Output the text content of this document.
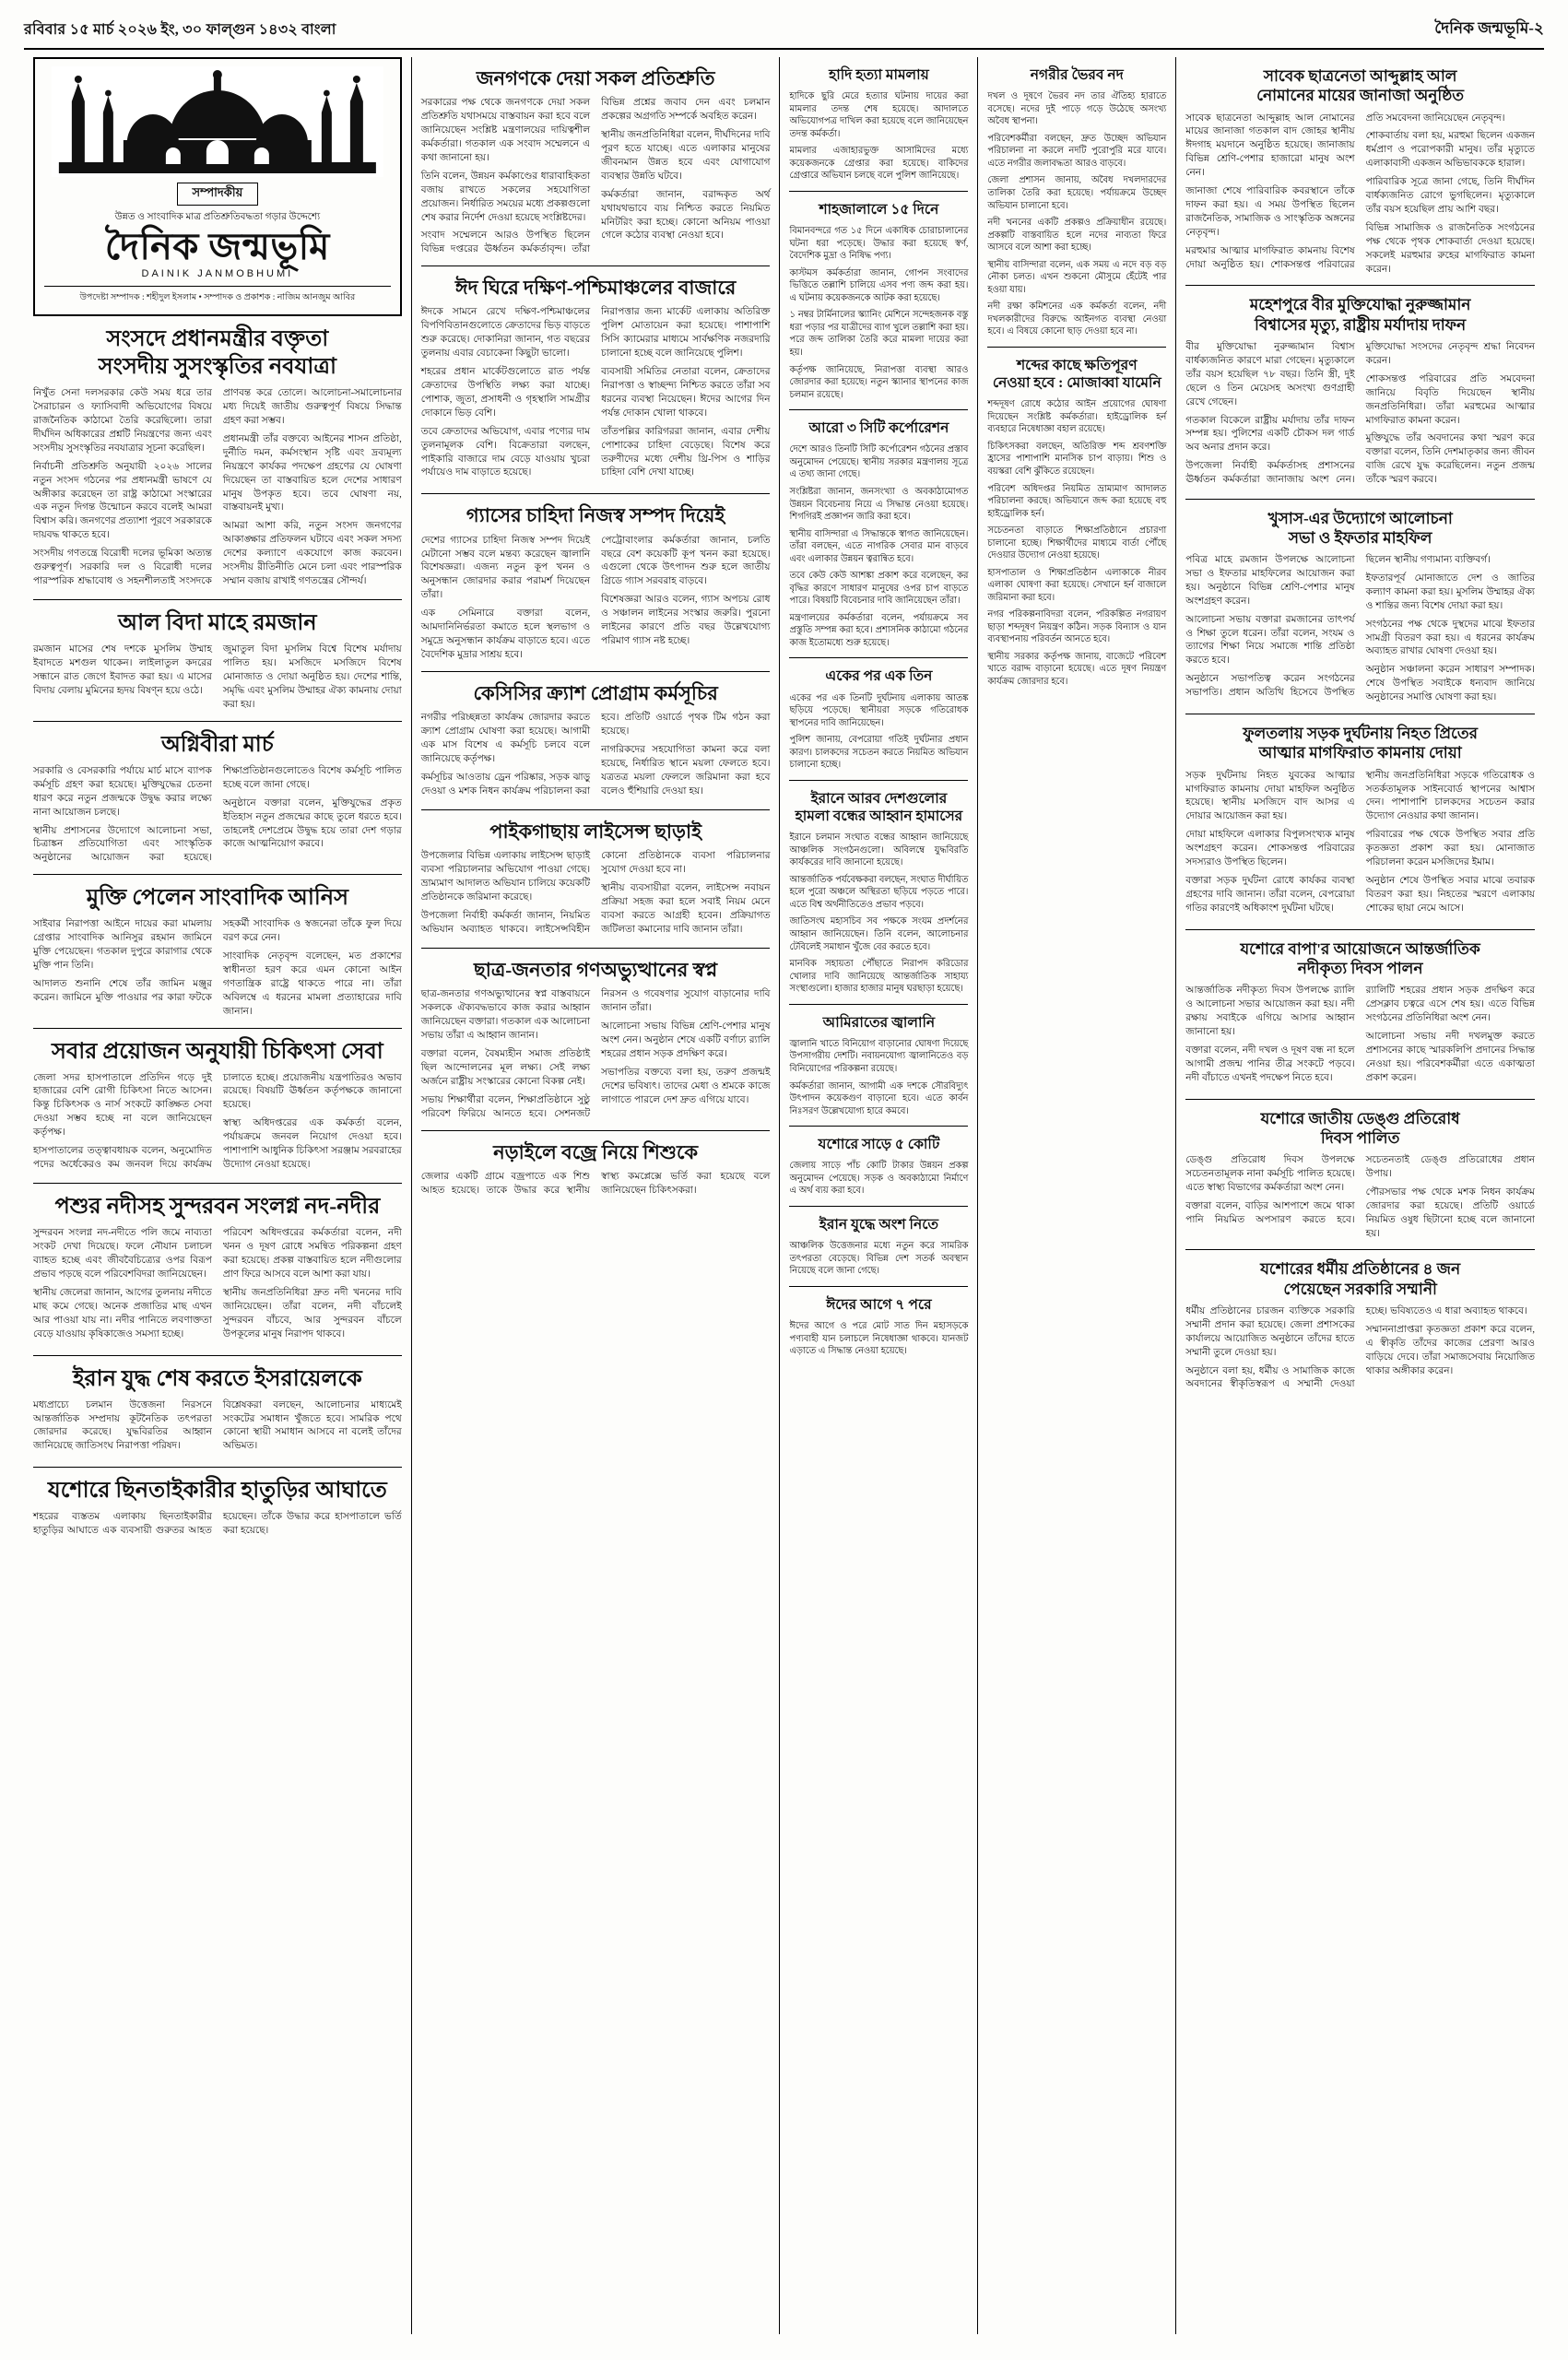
রবিবার ১৫ মার্চ ২০২৬ ইং, ৩০ ফাল্গুন ১৪৩২ বাংলা	দৈনিক জন্মভূমি-২
সম্পাদকীয়
উন্নত ও সাংবাদিক মাত্র প্রতিশ্রুতিবদ্ধতা গড়ার উদ্দেশ্যে
দৈনিক জন্মভূমি
DAINIK JANMOBHUMI
উপদেষ্টা সম্পাদক : শহীদুল ইসলাম • সম্পাদক ও প্রকাশক : নাজিম আনজুম আবির
সংসদে প্রধানমন্ত্রীর বক্তৃতা
সংসদীয় সুসংস্কৃতির নবযাত্রা

নিখুঁত সেনা দলসরকার কেউ সময় ধরে তার সৈরাচারন ও ফ্যাসিবাদী অভিযোগের বিষয়ে রাজনৈতিক কাঠামো তৈরি করেছিলো। তারা দীর্ঘদিন অধিকারের প্রশ্নটি নিয়ন্ত্রণের জন্য এবং সংসদীয় সুসংস্কৃতির নবযাত্রার সূচনা করেছিল।

নির্বাচনী প্রতিশ্রুতি অনুযায়ী ২০২৬ সালের নতুন সংসদ গঠনের পর প্রধানমন্ত্রী ভাষণে যে অঙ্গীকার করেছেন তা রাষ্ট্র কাঠামো সংস্কারের এক নতুন দিগন্ত উন্মোচন করবে বলেই আমরা বিশ্বাস করি। জনগণের প্রত্যাশা পূরণে সরকারকে দায়বদ্ধ থাকতে হবে।

সংসদীয় গণতন্ত্রে বিরোধী দলের ভূমিকা অত্যন্ত গুরুত্বপূর্ণ। সরকারি দল ও বিরোধী দলের পারস্পরিক শ্রদ্ধাবোধ ও সহনশীলতাই সংসদকে প্রাণবন্ত করে তোলে। আলোচনা-সমালোচনার মধ্য দিয়েই জাতীয় গুরুত্বপূর্ণ বিষয়ে সিদ্ধান্ত গ্রহণ করা সম্ভব।

প্রধানমন্ত্রী তাঁর বক্তব্যে আইনের শাসন প্রতিষ্ঠা, দুর্নীতি দমন, কর্মসংস্থান সৃষ্টি এবং দ্রব্যমূল্য নিয়ন্ত্রণে কার্যকর পদক্ষেপ গ্রহণের যে ঘোষণা দিয়েছেন তা বাস্তবায়িত হলে দেশের সাধারণ মানুষ উপকৃত হবে। তবে ঘোষণা নয়, বাস্তবায়নই মুখ্য।

আমরা আশা করি, নতুন সংসদ জনগণের আকাঙ্ক্ষার প্রতিফলন ঘটাবে এবং সকল সদস্য দেশের কল্যাণে একযোগে কাজ করবেন। সংসদীয় রীতিনীতি মেনে চলা এবং পারস্পরিক সম্মান বজায় রাখাই গণতন্ত্রের সৌন্দর্য।

আল বিদা মাহে রমজান

রমজান মাসের শেষ দশকে মুসলিম উম্মাহ ইবাদতে মশগুল থাকেন। লাইলাতুল কদরের সন্ধানে রাত জেগে ইবাদত করা হয়। এ মাসের বিদায় বেলায় মুমিনের হৃদয় বিষণ্ন হয়ে ওঠে।

জুমাতুল বিদা মুসলিম বিশ্বে বিশেষ মর্যাদায় পালিত হয়। মসজিদে মসজিদে বিশেষ মোনাজাত ও দোয়া অনুষ্ঠিত হয়। দেশের শান্তি, সমৃদ্ধি এবং মুসলিম উম্মাহর ঐক্য কামনায় দোয়া করা হয়।

অগ্নিবীরা মার্চ

সরকারি ও বেসরকারি পর্যায়ে মার্চ মাসে ব্যাপক কর্মসূচি গ্রহণ করা হয়েছে। মুক্তিযুদ্ধের চেতনা ধারণ করে নতুন প্রজন্মকে উদ্বুদ্ধ করার লক্ষ্যে নানা আয়োজন চলছে।

স্থানীয় প্রশাসনের উদ্যোগে আলোচনা সভা, চিত্রাঙ্কন প্রতিযোগিতা এবং সাংস্কৃতিক অনুষ্ঠানের আয়োজন করা হয়েছে। শিক্ষাপ্রতিষ্ঠানগুলোতেও বিশেষ কর্মসূচি পালিত হচ্ছে বলে জানা গেছে।

অনুষ্ঠানে বক্তারা বলেন, মুক্তিযুদ্ধের প্রকৃত ইতিহাস নতুন প্রজন্মের কাছে তুলে ধরতে হবে। তাহলেই দেশপ্রেমে উদ্বুদ্ধ হয়ে তারা দেশ গড়ার কাজে আত্মনিয়োগ করবে।

মুক্তি পেলেন সাংবাদিক আনিস

সাইবার নিরাপত্তা আইনে দায়ের করা মামলায় গ্রেপ্তার সাংবাদিক আনিসুর রহমান জামিনে মুক্তি পেয়েছেন। গতকাল দুপুরে কারাগার থেকে মুক্তি পান তিনি।

আদালত শুনানি শেষে তাঁর জামিন মঞ্জুর করেন। জামিনে মুক্তি পাওয়ার পর কারা ফটকে সহকর্মী সাংবাদিক ও স্বজনেরা তাঁকে ফুল দিয়ে বরণ করে নেন।

সাংবাদিক নেতৃবৃন্দ বলেছেন, মত প্রকাশের স্বাধীনতা হরণ করে এমন কোনো আইন গণতান্ত্রিক রাষ্ট্রে থাকতে পারে না। তাঁরা অবিলম্বে এ ধরনের মামলা প্রত্যাহারের দাবি জানান।

সবার প্রয়োজন অনুযায়ী চিকিৎসা সেবা

জেলা সদর হাসপাতালে প্রতিদিন গড়ে দুই হাজারের বেশি রোগী চিকিৎসা নিতে আসেন। কিন্তু চিকিৎসক ও নার্স সংকটে কাঙ্ক্ষিত সেবা দেওয়া সম্ভব হচ্ছে না বলে জানিয়েছেন কর্তৃপক্ষ।

হাসপাতালের তত্ত্বাবধায়ক বলেন, অনুমোদিত পদের অর্ধেকেরও কম জনবল দিয়ে কার্যক্রম চালাতে হচ্ছে। প্রয়োজনীয় যন্ত্রপাতিরও অভাব রয়েছে। বিষয়টি ঊর্ধ্বতন কর্তৃপক্ষকে জানানো হয়েছে।

স্বাস্থ্য অধিদপ্তরের এক কর্মকর্তা বলেন, পর্যায়ক্রমে জনবল নিয়োগ দেওয়া হবে। পাশাপাশি আধুনিক চিকিৎসা সরঞ্জাম সরবরাহের উদ্যোগ নেওয়া হয়েছে।

পশুর নদীসহ সুন্দরবন সংলগ্ন নদ-নদীর

সুন্দরবন সংলগ্ন নদ-নদীতে পলি জমে নাব্যতা সংকট দেখা দিয়েছে। ফলে নৌযান চলাচল ব্যাহত হচ্ছে এবং জীববৈচিত্র্যের ওপর বিরূপ প্রভাব পড়ছে বলে পরিবেশবিদরা জানিয়েছেন।

স্থানীয় জেলেরা জানান, আগের তুলনায় নদীতে মাছ কমে গেছে। অনেক প্রজাতির মাছ এখন আর পাওয়া যায় না। নদীর পানিতে লবণাক্ততা বেড়ে যাওয়ায় কৃষিকাজেও সমস্যা হচ্ছে।

পরিবেশ অধিদপ্তরের কর্মকর্তারা বলেন, নদী খনন ও দূষণ রোধে সমন্বিত পরিকল্পনা গ্রহণ করা হয়েছে। প্রকল্প বাস্তবায়িত হলে নদীগুলোর প্রাণ ফিরে আসবে বলে আশা করা যায়।

স্থানীয় জনপ্রতিনিধিরা দ্রুত নদী খননের দাবি জানিয়েছেন। তাঁরা বলেন, নদী বাঁচলেই সুন্দরবন বাঁচবে, আর সুন্দরবন বাঁচলে উপকূলের মানুষ নিরাপদ থাকবে।

ইরান যুদ্ধ শেষ করতে ইসরায়েলকে

মধ্যপ্রাচ্যে চলমান উত্তেজনা নিরসনে আন্তর্জাতিক সম্প্রদায় কূটনৈতিক তৎপরতা জোরদার করেছে। যুদ্ধবিরতির আহ্বান জানিয়েছে জাতিসংঘ নিরাপত্তা পরিষদ।

বিশ্লেষকরা বলছেন, আলোচনার মাধ্যমেই সংকটের সমাধান খুঁজতে হবে। সামরিক পথে কোনো স্থায়ী সমাধান আসবে না বলেই তাঁদের অভিমত।

যশোরে ছিনতাইকারীর হাতুড়ির আঘাতে

শহরের ব্যস্ততম এলাকায় ছিনতাইকারীর হাতুড়ির আঘাতে এক ব্যবসায়ী গুরুতর আহত হয়েছেন। তাঁকে উদ্ধার করে হাসপাতালে ভর্তি করা হয়েছে।

জনগণকে দেয়া সকল প্রতিশ্রুতি

সরকারের পক্ষ থেকে জনগণকে দেয়া সকল প্রতিশ্রুতি যথাসময়ে বাস্তবায়ন করা হবে বলে জানিয়েছেন সংশ্লিষ্ট মন্ত্রণালয়ের দায়িত্বশীল কর্মকর্তারা। গতকাল এক সংবাদ সম্মেলনে এ কথা জানানো হয়।

তিনি বলেন, উন্নয়ন কর্মকাণ্ডের ধারাবাহিকতা বজায় রাখতে সকলের সহযোগিতা প্রয়োজন। নির্ধারিত সময়ের মধ্যে প্রকল্পগুলো শেষ করার নির্দেশ দেওয়া হয়েছে সংশ্লিষ্টদের।

সংবাদ সম্মেলনে আরও উপস্থিত ছিলেন বিভিন্ন দপ্তরের ঊর্ধ্বতন কর্মকর্তাবৃন্দ। তাঁরা বিভিন্ন প্রশ্নের জবাব দেন এবং চলমান প্রকল্পের অগ্রগতি সম্পর্কে অবহিত করেন।

স্থানীয় জনপ্রতিনিধিরা বলেন, দীর্ঘদিনের দাবি পূরণ হতে যাচ্ছে। এতে এলাকার মানুষের জীবনমান উন্নত হবে এবং যোগাযোগ ব্যবস্থার উন্নতি ঘটবে।

কর্মকর্তারা জানান, বরাদ্দকৃত অর্থ যথাযথভাবে ব্যয় নিশ্চিত করতে নিয়মিত মনিটরিং করা হচ্ছে। কোনো অনিয়ম পাওয়া গেলে কঠোর ব্যবস্থা নেওয়া হবে।

ঈদ ঘিরে দক্ষিণ-পশ্চিমাঞ্চলের বাজারে

ঈদকে সামনে রেখে দক্ষিণ-পশ্চিমাঞ্চলের বিপণিবিতানগুলোতে ক্রেতাদের ভিড় বাড়তে শুরু করেছে। দোকানিরা জানান, গত বছরের তুলনায় এবার বেচাকেনা কিছুটা ভালো।

শহরের প্রধান মার্কেটগুলোতে রাত পর্যন্ত ক্রেতাদের উপস্থিতি লক্ষ্য করা যাচ্ছে। পোশাক, জুতা, প্রসাধনী ও গৃহস্থালি সামগ্রীর দোকানে ভিড় বেশি।

তবে ক্রেতাদের অভিযোগ, এবার পণ্যের দাম তুলনামূলক বেশি। বিক্রেতারা বলছেন, পাইকারি বাজারে দাম বেড়ে যাওয়ায় খুচরা পর্যায়েও দাম বাড়াতে হয়েছে।

নিরাপত্তার জন্য মার্কেট এলাকায় অতিরিক্ত পুলিশ মোতায়েন করা হয়েছে। পাশাপাশি সিসি ক্যামেরার মাধ্যমে সার্বক্ষণিক নজরদারি চালানো হচ্ছে বলে জানিয়েছে পুলিশ।

ব্যবসায়ী সমিতির নেতারা বলেন, ক্রেতাদের নিরাপত্তা ও স্বাচ্ছন্দ্য নিশ্চিত করতে তাঁরা সব ধরনের ব্যবস্থা নিয়েছেন। ঈদের আগের দিন পর্যন্ত দোকান খোলা থাকবে।

তাঁতপল্লির কারিগররা জানান, এবার দেশীয় পোশাকের চাহিদা বেড়েছে। বিশেষ করে তরুণীদের মধ্যে দেশীয় থ্রি-পিস ও শাড়ির চাহিদা বেশি দেখা যাচ্ছে।

গ্যাসের চাহিদা নিজস্ব সম্পদ দিয়েই

দেশের গ্যাসের চাহিদা নিজস্ব সম্পদ দিয়েই মেটানো সম্ভব বলে মন্তব্য করেছেন জ্বালানি বিশেষজ্ঞরা। এজন্য নতুন কূপ খনন ও অনুসন্ধান জোরদার করার পরামর্শ দিয়েছেন তাঁরা।

এক সেমিনারে বক্তারা বলেন, আমদানিনির্ভরতা কমাতে হলে স্থলভাগ ও সমুদ্রে অনুসন্ধান কার্যক্রম বাড়াতে হবে। এতে বৈদেশিক মুদ্রার সাশ্রয় হবে।

পেট্রোবাংলার কর্মকর্তারা জানান, চলতি বছরে বেশ কয়েকটি কূপ খনন করা হয়েছে। এগুলো থেকে উৎপাদন শুরু হলে জাতীয় গ্রিডে গ্যাস সরবরাহ বাড়বে।

বিশেষজ্ঞরা আরও বলেন, গ্যাস অপচয় রোধ ও সঞ্চালন লাইনের সংস্কার জরুরি। পুরনো লাইনের কারণে প্রতি বছর উল্লেখযোগ্য পরিমাণ গ্যাস নষ্ট হচ্ছে।

কেসিসির ক্র্যাশ প্রোগ্রাম কর্মসূচির

নগরীর পরিচ্ছন্নতা কার্যক্রম জোরদার করতে ক্র্যাশ প্রোগ্রাম ঘোষণা করা হয়েছে। আগামী এক মাস বিশেষ এ কর্মসূচি চলবে বলে জানিয়েছে কর্তৃপক্ষ।

কর্মসূচির আওতায় ড্রেন পরিষ্কার, সড়ক ঝাড়ু দেওয়া ও মশক নিধন কার্যক্রম পরিচালনা করা হবে। প্রতিটি ওয়ার্ডে পৃথক টিম গঠন করা হয়েছে।

নাগরিকদের সহযোগিতা কামনা করে বলা হয়েছে, নির্ধারিত স্থানে ময়লা ফেলতে হবে। যত্রতত্র ময়লা ফেললে জরিমানা করা হবে বলেও হুঁশিয়ারি দেওয়া হয়।

পাইকগাছায় লাইসেন্স ছাড়াই

উপজেলার বিভিন্ন এলাকায় লাইসেন্স ছাড়াই ব্যবসা পরিচালনার অভিযোগ পাওয়া গেছে। ভ্রাম্যমাণ আদালত অভিযান চালিয়ে কয়েকটি প্রতিষ্ঠানকে জরিমানা করেছে।

উপজেলা নির্বাহী কর্মকর্তা জানান, নিয়মিত অভিযান অব্যাহত থাকবে। লাইসেন্সবিহীন কোনো প্রতিষ্ঠানকে ব্যবসা পরিচালনার সুযোগ দেওয়া হবে না।

স্থানীয় ব্যবসায়ীরা বলেন, লাইসেন্স নবায়ন প্রক্রিয়া সহজ করা হলে সবাই নিয়ম মেনে ব্যবসা করতে আগ্রহী হবেন। প্রক্রিয়াগত জটিলতা কমানোর দাবি জানান তাঁরা।

ছাত্র-জনতার গণঅভ্যুত্থানের স্বপ্ন

ছাত্র-জনতার গণঅভ্যুত্থানের স্বপ্ন বাস্তবায়নে সকলকে ঐক্যবদ্ধভাবে কাজ করার আহ্বান জানিয়েছেন বক্তারা। গতকাল এক আলোচনা সভায় তাঁরা এ আহ্বান জানান।

বক্তারা বলেন, বৈষম্যহীন সমাজ প্রতিষ্ঠাই ছিল আন্দোলনের মূল লক্ষ্য। সেই লক্ষ্য অর্জনে রাষ্ট্রীয় সংস্কারের কোনো বিকল্প নেই।

সভায় শিক্ষার্থীরা বলেন, শিক্ষাপ্রতিষ্ঠানে সুষ্ঠু পরিবেশ ফিরিয়ে আনতে হবে। সেশনজট নিরসন ও গবেষণার সুযোগ বাড়ানোর দাবি জানান তাঁরা।

আলোচনা সভায় বিভিন্ন শ্রেণি-পেশার মানুষ অংশ নেন। অনুষ্ঠান শেষে একটি বর্ণাঢ্য র‌্যালি শহরের প্রধান সড়ক প্রদক্ষিণ করে।

সভাপতির বক্তব্যে বলা হয়, তরুণ প্রজন্মই দেশের ভবিষ্যৎ। তাদের মেধা ও শ্রমকে কাজে লাগাতে পারলে দেশ দ্রুত এগিয়ে যাবে।

নড়াইলে বজ্রে নিয়ে শিশুকে

জেলার একটি গ্রামে বজ্রপাতে এক শিশু আহত হয়েছে। তাকে উদ্ধার করে স্থানীয় স্বাস্থ্য কমপ্লেক্সে ভর্তি করা হয়েছে বলে জানিয়েছেন চিকিৎসকরা।

হাদি হত্যা মামলায়

হাদিকে ছুরি মেরে হত্যার ঘটনায় দায়ের করা মামলার তদন্ত শেষ হয়েছে। আদালতে অভিযোগপত্র দাখিল করা হয়েছে বলে জানিয়েছেন তদন্ত কর্মকর্তা।

মামলার এজাহারভুক্ত আসামিদের মধ্যে কয়েকজনকে গ্রেপ্তার করা হয়েছে। বাকিদের গ্রেপ্তারে অভিযান চলছে বলে পুলিশ জানিয়েছে।

শাহজালালে ১৫ দিনে

বিমানবন্দরে গত ১৫ দিনে একাধিক চোরাচালানের ঘটনা ধরা পড়েছে। উদ্ধার করা হয়েছে স্বর্ণ, বৈদেশিক মুদ্রা ও নিষিদ্ধ পণ্য।

কাস্টমস কর্মকর্তারা জানান, গোপন সংবাদের ভিত্তিতে তল্লাশি চালিয়ে এসব পণ্য জব্দ করা হয়। এ ঘটনায় কয়েকজনকে আটক করা হয়েছে।

১ নম্বর টার্মিনালের স্ক্যানিং মেশিনে সন্দেহজনক বস্তু ধরা পড়ার পর যাত্রীদের ব্যাগ খুলে তল্লাশি করা হয়। পরে জব্দ তালিকা তৈরি করে মামলা দায়ের করা হয়।

কর্তৃপক্ষ জানিয়েছে, নিরাপত্তা ব্যবস্থা আরও জোরদার করা হয়েছে। নতুন স্ক্যানার স্থাপনের কাজ চলমান রয়েছে।

আরো ৩ সিটি কর্পোরেশন

দেশে আরও তিনটি সিটি কর্পোরেশন গঠনের প্রস্তাব অনুমোদন পেয়েছে। স্থানীয় সরকার মন্ত্রণালয় সূত্রে এ তথ্য জানা গেছে।

সংশ্লিষ্টরা জানান, জনসংখ্যা ও অবকাঠামোগত উন্নয়ন বিবেচনায় নিয়ে এ সিদ্ধান্ত নেওয়া হয়েছে। শিগগিরই প্রজ্ঞাপন জারি করা হবে।

স্থানীয় বাসিন্দারা এ সিদ্ধান্তকে স্বাগত জানিয়েছেন। তাঁরা বলছেন, এতে নাগরিক সেবার মান বাড়বে এবং এলাকার উন্নয়ন ত্বরান্বিত হবে।

তবে কেউ কেউ আশঙ্কা প্রকাশ করে বলেছেন, কর বৃদ্ধির কারণে সাধারণ মানুষের ওপর চাপ বাড়তে পারে। বিষয়টি বিবেচনার দাবি জানিয়েছেন তাঁরা।

মন্ত্রণালয়ের কর্মকর্তারা বলেন, পর্যায়ক্রমে সব প্রস্তুতি সম্পন্ন করা হবে। প্রশাসনিক কাঠামো গঠনের কাজ ইতোমধ্যে শুরু হয়েছে।

একের পর এক তিন

একের পর এক তিনটি দুর্ঘটনায় এলাকায় আতঙ্ক ছড়িয়ে পড়েছে। স্থানীয়রা সড়কে গতিরোধক স্থাপনের দাবি জানিয়েছেন।

পুলিশ জানায়, বেপরোয়া গতিই দুর্ঘটনার প্রধান কারণ। চালকদের সচেতন করতে নিয়মিত অভিযান চালানো হচ্ছে।

ইরানে আরব দেশগুলোর
হামলা বন্ধের আহ্বান হামাসের

ইরানে চলমান সংঘাত বন্ধের আহ্বান জানিয়েছে আঞ্চলিক সংগঠনগুলো। অবিলম্বে যুদ্ধবিরতি কার্যকরের দাবি জানানো হয়েছে।

আন্তর্জাতিক পর্যবেক্ষকরা বলছেন, সংঘাত দীর্ঘায়িত হলে পুরো অঞ্চলে অস্থিরতা ছড়িয়ে পড়তে পারে। এতে বিশ্ব অর্থনীতিতেও প্রভাব পড়বে।

জাতিসংঘ মহাসচিব সব পক্ষকে সংযম প্রদর্শনের আহ্বান জানিয়েছেন। তিনি বলেন, আলোচনার টেবিলেই সমাধান খুঁজে বের করতে হবে।

মানবিক সহায়তা পৌঁছাতে নিরাপদ করিডোর খোলার দাবি জানিয়েছে আন্তর্জাতিক সাহায্য সংস্থাগুলো। হাজার হাজার মানুষ ঘরছাড়া হয়েছে।

আমিরাতের জ্বালানি

জ্বালানি খাতে বিনিয়োগ বাড়ানোর ঘোষণা দিয়েছে উপসাগরীয় দেশটি। নবায়নযোগ্য জ্বালানিতেও বড় বিনিয়োগের পরিকল্পনা রয়েছে।

কর্মকর্তারা জানান, আগামী এক দশকে সৌরবিদ্যুৎ উৎপাদন কয়েকগুণ বাড়ানো হবে। এতে কার্বন নিঃসরণ উল্লেখযোগ্য হারে কমবে।

যশোরে সাড়ে ৫ কোটি

জেলায় সাড়ে পাঁচ কোটি টাকার উন্নয়ন প্রকল্প অনুমোদন পেয়েছে। সড়ক ও অবকাঠামো নির্মাণে এ অর্থ ব্যয় করা হবে।

ইরান যুদ্ধে অংশ নিতে

আঞ্চলিক উত্তেজনার মধ্যে নতুন করে সামরিক তৎপরতা বেড়েছে। বিভিন্ন দেশ সতর্ক অবস্থান নিয়েছে বলে জানা গেছে।

ঈদের আগে ৭ পরে

ঈদের আগে ও পরে মোট সাত দিন মহাসড়কে পণ্যবাহী যান চলাচলে নিষেধাজ্ঞা থাকবে। যানজট এড়াতে এ সিদ্ধান্ত নেওয়া হয়েছে।

নগরীর ভৈরব নদ

দখল ও দূষণে ভৈরব নদ তার ঐতিহ্য হারাতে বসেছে। নদের দুই পাড়ে গড়ে উঠেছে অসংখ্য অবৈধ স্থাপনা।

পরিবেশকর্মীরা বলছেন, দ্রুত উচ্ছেদ অভিযান পরিচালনা না করলে নদটি পুরোপুরি মরে যাবে। এতে নগরীর জলাবদ্ধতা আরও বাড়বে।

জেলা প্রশাসন জানায়, অবৈধ দখলদারদের তালিকা তৈরি করা হয়েছে। পর্যায়ক্রমে উচ্ছেদ অভিযান চালানো হবে।

নদী খননের একটি প্রকল্পও প্রক্রিয়াধীন রয়েছে। প্রকল্পটি বাস্তবায়িত হলে নদের নাব্যতা ফিরে আসবে বলে আশা করা হচ্ছে।

স্থানীয় বাসিন্দারা বলেন, এক সময় এ নদে বড় বড় নৌকা চলত। এখন শুকনো মৌসুমে হেঁটেই পার হওয়া যায়।

নদী রক্ষা কমিশনের এক কর্মকর্তা বলেন, নদী দখলকারীদের বিরুদ্ধে আইনগত ব্যবস্থা নেওয়া হবে। এ বিষয়ে কোনো ছাড় দেওয়া হবে না।

শব্দের কাছে ক্ষতিপূরণ
নেওয়া হবে : মোজাব্বা যামেনি

শব্দদূষণ রোধে কঠোর আইন প্রয়োগের ঘোষণা দিয়েছেন সংশ্লিষ্ট কর্মকর্তারা। হাইড্রোলিক হর্ন ব্যবহারে নিষেধাজ্ঞা বহাল রয়েছে।

চিকিৎসকরা বলছেন, অতিরিক্ত শব্দ শ্রবণশক্তি হ্রাসের পাশাপাশি মানসিক চাপ বাড়ায়। শিশু ও বয়স্করা বেশি ঝুঁকিতে রয়েছেন।

পরিবেশ অধিদপ্তর নিয়মিত ভ্রাম্যমাণ আদালত পরিচালনা করছে। অভিযানে জব্দ করা হয়েছে বহু হাইড্রোলিক হর্ন।

সচেতনতা বাড়াতে শিক্ষাপ্রতিষ্ঠানে প্রচারণা চালানো হচ্ছে। শিক্ষার্থীদের মাধ্যমে বার্তা পৌঁছে দেওয়ার উদ্যোগ নেওয়া হয়েছে।

হাসপাতাল ও শিক্ষাপ্রতিষ্ঠান এলাকাকে নীরব এলাকা ঘোষণা করা হয়েছে। সেখানে হর্ন বাজালে জরিমানা করা হবে।

নগর পরিকল্পনাবিদরা বলেন, পরিকল্পিত নগরায়ণ ছাড়া শব্দদূষণ নিয়ন্ত্রণ কঠিন। সড়ক বিন্যাস ও যান ব্যবস্থাপনায় পরিবর্তন আনতে হবে।

স্থানীয় সরকার কর্তৃপক্ষ জানায়, বাজেটে পরিবেশ খাতে বরাদ্দ বাড়ানো হয়েছে। এতে দূষণ নিয়ন্ত্রণ কার্যক্রম জোরদার হবে।

সাবেক ছাত্রনেতা আব্দুল্লাহ আল
নোমানের মায়ের জানাজা অনুষ্ঠিত

সাবেক ছাত্রনেতা আব্দুল্লাহ আল নোমানের মায়ের জানাজা গতকাল বাদ জোহর স্থানীয় ঈদগাহ ময়দানে অনুষ্ঠিত হয়েছে। জানাজায় বিভিন্ন শ্রেণি-পেশার হাজারো মানুষ অংশ নেন।

জানাজা শেষে পারিবারিক কবরস্থানে তাঁকে দাফন করা হয়। এ সময় উপস্থিত ছিলেন রাজনৈতিক, সামাজিক ও সাংস্কৃতিক অঙ্গনের নেতৃবৃন্দ।

মরহুমার আত্মার মাগফিরাত কামনায় বিশেষ দোয়া অনুষ্ঠিত হয়। শোকসন্তপ্ত পরিবারের প্রতি সমবেদনা জানিয়েছেন নেতৃবৃন্দ।

শোকবার্তায় বলা হয়, মরহুমা ছিলেন একজন ধর্মপ্রাণ ও পরোপকারী মানুষ। তাঁর মৃত্যুতে এলাকাবাসী একজন অভিভাবককে হারাল।

পারিবারিক সূত্রে জানা গেছে, তিনি দীর্ঘদিন বার্ধক্যজনিত রোগে ভুগছিলেন। মৃত্যুকালে তাঁর বয়স হয়েছিল প্রায় আশি বছর।

বিভিন্ন সামাজিক ও রাজনৈতিক সংগঠনের পক্ষ থেকে পৃথক শোকবার্তা দেওয়া হয়েছে। সকলেই মরহুমার রুহের মাগফিরাত কামনা করেন।

মহেশপুরে বীর মুক্তিযোদ্ধা নুরুজ্জামান
বিশ্বাসের মৃত্যু, রাষ্ট্রীয় মর্যাদায় দাফন

বীর মুক্তিযোদ্ধা নুরুজ্জামান বিশ্বাস বার্ধক্যজনিত কারণে মারা গেছেন। মৃত্যুকালে তাঁর বয়স হয়েছিল ৭৮ বছর। তিনি স্ত্রী, দুই ছেলে ও তিন মেয়েসহ অসংখ্য গুণগ্রাহী রেখে গেছেন।

গতকাল বিকেলে রাষ্ট্রীয় মর্যাদায় তাঁর দাফন সম্পন্ন হয়। পুলিশের একটি চৌকস দল গার্ড অব অনার প্রদান করে।

উপজেলা নির্বাহী কর্মকর্তাসহ প্রশাসনের ঊর্ধ্বতন কর্মকর্তারা জানাজায় অংশ নেন। মুক্তিযোদ্ধা সংসদের নেতৃবৃন্দ শ্রদ্ধা নিবেদন করেন।

শোকসন্তপ্ত পরিবারের প্রতি সমবেদনা জানিয়ে বিবৃতি দিয়েছেন স্থানীয় জনপ্রতিনিধিরা। তাঁরা মরহুমের আত্মার মাগফিরাত কামনা করেন।

মুক্তিযুদ্ধে তাঁর অবদানের কথা স্মরণ করে বক্তারা বলেন, তিনি দেশমাতৃকার জন্য জীবন বাজি রেখে যুদ্ধ করেছিলেন। নতুন প্রজন্ম তাঁকে স্মরণ করবে।

খুসাস-এর উদ্যোগে আলোচনা
সভা ও ইফতার মাহফিল

পবিত্র মাহে রমজান উপলক্ষে আলোচনা সভা ও ইফতার মাহফিলের আয়োজন করা হয়। অনুষ্ঠানে বিভিন্ন শ্রেণি-পেশার মানুষ অংশগ্রহণ করেন।

আলোচনা সভায় বক্তারা রমজানের তাৎপর্য ও শিক্ষা তুলে ধরেন। তাঁরা বলেন, সংযম ও ত্যাগের শিক্ষা নিয়ে সমাজে শান্তি প্রতিষ্ঠা করতে হবে।

অনুষ্ঠানে সভাপতিত্ব করেন সংগঠনের সভাপতি। প্রধান অতিথি হিসেবে উপস্থিত ছিলেন স্থানীয় গণ্যমান্য ব্যক্তিবর্গ।

ইফতারপূর্ব মোনাজাতে দেশ ও জাতির কল্যাণ কামনা করা হয়। মুসলিম উম্মাহর ঐক্য ও শান্তির জন্য বিশেষ দোয়া করা হয়।

সংগঠনের পক্ষ থেকে দুস্থদের মাঝে ইফতার সামগ্রী বিতরণ করা হয়। এ ধরনের কার্যক্রম অব্যাহত রাখার ঘোষণা দেওয়া হয়।

অনুষ্ঠান সঞ্চালনা করেন সাধারণ সম্পাদক। শেষে উপস্থিত সবাইকে ধন্যবাদ জানিয়ে অনুষ্ঠানের সমাপ্তি ঘোষণা করা হয়।

ফুলতলায় সড়ক দুর্ঘটনায় নিহত প্রিতের
আত্মার মাগফিরাত কামনায় দোয়া

সড়ক দুর্ঘটনায় নিহত যুবকের আত্মার মাগফিরাত কামনায় দোয়া মাহফিল অনুষ্ঠিত হয়েছে। স্থানীয় মসজিদে বাদ আসর এ দোয়ার আয়োজন করা হয়।

দোয়া মাহফিলে এলাকার বিপুলসংখ্যক মানুষ অংশগ্রহণ করেন। শোকসন্তপ্ত পরিবারের সদস্যরাও উপস্থিত ছিলেন।

বক্তারা সড়ক দুর্ঘটনা রোধে কার্যকর ব্যবস্থা গ্রহণের দাবি জানান। তাঁরা বলেন, বেপরোয়া গতির কারণেই অধিকাংশ দুর্ঘটনা ঘটছে।

স্থানীয় জনপ্রতিনিধিরা সড়কে গতিরোধক ও সতর্কতামূলক সাইনবোর্ড স্থাপনের আশ্বাস দেন। পাশাপাশি চালকদের সচেতন করার উদ্যোগ নেওয়ার কথা জানান।

পরিবারের পক্ষ থেকে উপস্থিত সবার প্রতি কৃতজ্ঞতা প্রকাশ করা হয়। মোনাজাত পরিচালনা করেন মসজিদের ইমাম।

অনুষ্ঠান শেষে উপস্থিত সবার মাঝে তবারক বিতরণ করা হয়। নিহতের স্মরণে এলাকায় শোকের ছায়া নেমে আসে।

যশোরে বাপা'র আয়োজনে আন্তর্জাতিক
নদীকৃত্য দিবস পালন

আন্তর্জাতিক নদীকৃত্য দিবস উপলক্ষে র‌্যালি ও আলোচনা সভার আয়োজন করা হয়। নদী রক্ষায় সবাইকে এগিয়ে আসার আহ্বান জানানো হয়।

বক্তারা বলেন, নদী দখল ও দূষণ বন্ধ না হলে আগামী প্রজন্ম পানির তীব্র সংকটে পড়বে। নদী বাঁচাতে এখনই পদক্ষেপ নিতে হবে।

র‌্যালিটি শহরের প্রধান সড়ক প্রদক্ষিণ করে প্রেসক্লাব চত্বরে এসে শেষ হয়। এতে বিভিন্ন সংগঠনের প্রতিনিধিরা অংশ নেন।

আলোচনা সভায় নদী দখলমুক্ত করতে প্রশাসনের কাছে স্মারকলিপি প্রদানের সিদ্ধান্ত নেওয়া হয়। পরিবেশকর্মীরা এতে একাত্মতা প্রকাশ করেন।

যশোরে জাতীয় ডেঙ্গু প্রতিরোধ
দিবস পালিত

ডেঙ্গু প্রতিরোধ দিবস উপলক্ষে সচেতনতামূলক নানা কর্মসূচি পালিত হয়েছে। এতে স্বাস্থ্য বিভাগের কর্মকর্তারা অংশ নেন।

বক্তারা বলেন, বাড়ির আশপাশে জমে থাকা পানি নিয়মিত অপসারণ করতে হবে। সচেতনতাই ডেঙ্গু প্রতিরোধের প্রধান উপায়।

পৌরসভার পক্ষ থেকে মশক নিধন কার্যক্রম জোরদার করা হয়েছে। প্রতিটি ওয়ার্ডে নিয়মিত ওষুধ ছিটানো হচ্ছে বলে জানানো হয়।

যশোরের ধর্মীয় প্রতিষ্ঠানের ৪ জন
পেয়েছেন সরকারি সম্মানী

ধর্মীয় প্রতিষ্ঠানের চারজন ব্যক্তিকে সরকারি সম্মানী প্রদান করা হয়েছে। জেলা প্রশাসকের কার্যালয়ে আয়োজিত অনুষ্ঠানে তাঁদের হাতে সম্মানী তুলে দেওয়া হয়।

অনুষ্ঠানে বলা হয়, ধর্মীয় ও সামাজিক কাজে অবদানের স্বীকৃতিস্বরূপ এ সম্মানী দেওয়া হচ্ছে। ভবিষ্যতেও এ ধারা অব্যাহত থাকবে।

সম্মাননাপ্রাপ্তরা কৃতজ্ঞতা প্রকাশ করে বলেন, এ স্বীকৃতি তাঁদের কাজের প্রেরণা আরও বাড়িয়ে দেবে। তাঁরা সমাজসেবায় নিয়োজিত থাকার অঙ্গীকার করেন।
